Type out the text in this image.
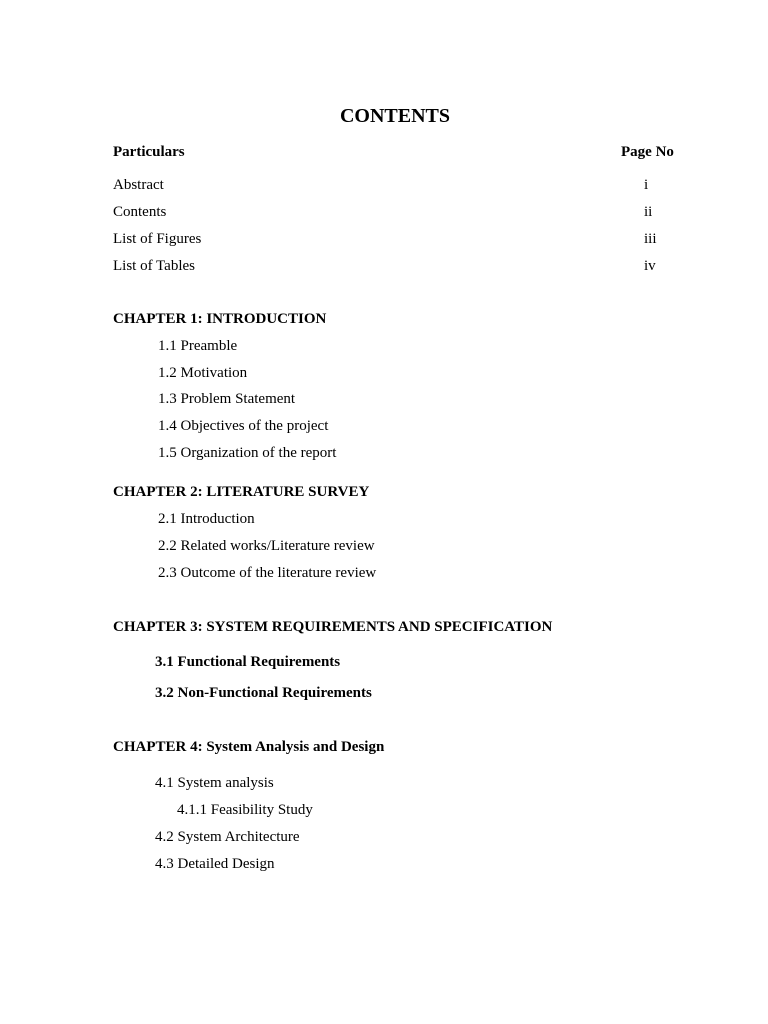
CONTENTS
Particulars	Page No
Abstract	i
Contents	ii
List of Figures	iii
List of Tables	iv
CHAPTER 1: INTRODUCTION
1.1 Preamble
1.2 Motivation
1.3 Problem Statement
1.4 Objectives of the project
1.5 Organization of the report
CHAPTER 2: LITERATURE SURVEY
2.1 Introduction
2.2 Related works/Literature review
2.3 Outcome of the literature review
CHAPTER 3: SYSTEM REQUIREMENTS AND SPECIFICATION
3.1 Functional Requirements
3.2 Non-Functional Requirements
CHAPTER 4: System Analysis and Design
4.1 System analysis
4.1.1 Feasibility Study
4.2 System Architecture
4.3 Detailed Design
